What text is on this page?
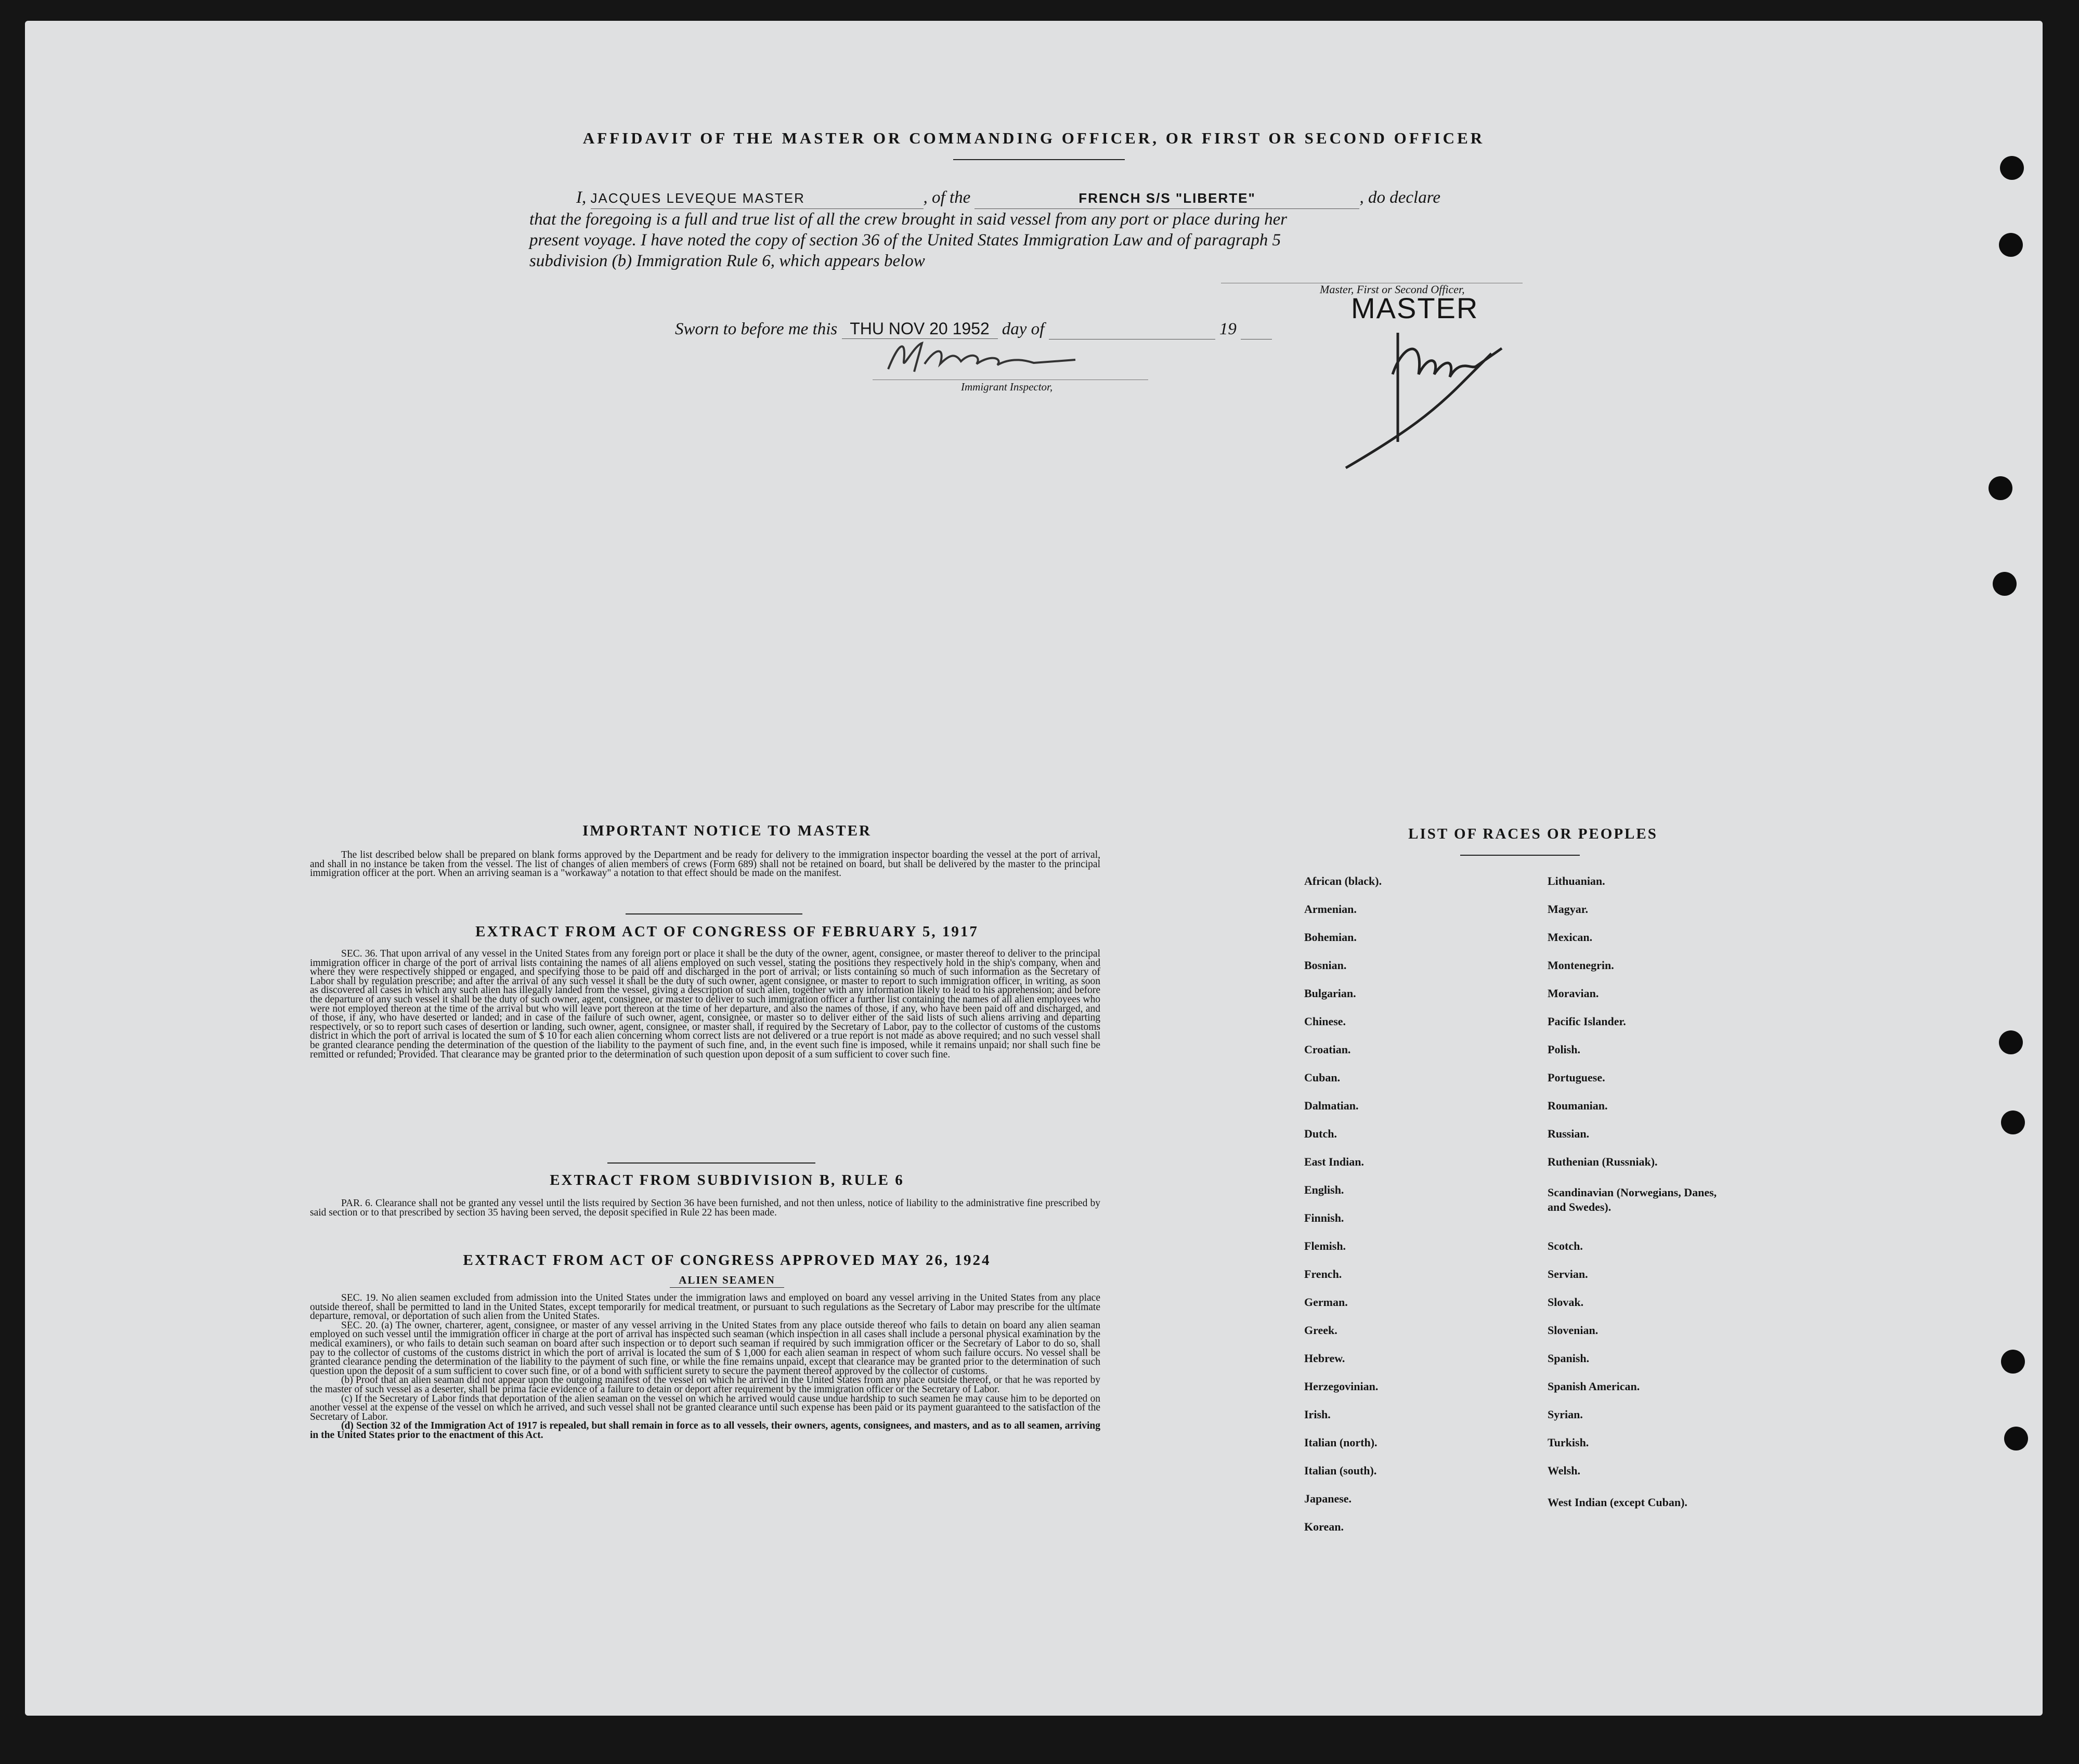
AFFIDAVIT OF THE MASTER OR COMMANDING OFFICER, OR FIRST OR SECOND OFFICER
I, JACQUES LEVEQUE MASTER	, of the	FRENCH S/S "LIBERTE"	, do declare
that the foregoing is a full and true list of all the crew brought in said vessel from any port or place during her
present voyage. I have noted the copy of section 36 of the United States Immigration Law and of paragraph 5
subdivision (b) Immigration Rule 6, which appears below
Master, First or Second Officer,
MASTER
Sworn to before me this THU NOV 20 1952 day of	19
Immigrant Inspector,
IMPORTANT NOTICE TO MASTER

The list described below shall be prepared on blank forms approved by the Department and be ready for delivery to the immigration inspector boarding the vessel at the port of arrival, and shall in no instance be taken from the vessel. The list of changes of alien members of crews (Form 689) shall not be retained on board, but shall be delivered by the master to the principal immigration officer at the port. When an arriving seaman is a "workaway" a notation to that effect should be made on the manifest.

EXTRACT FROM ACT OF CONGRESS OF FEBRUARY 5, 1917

SEC. 36. That upon arrival of any vessel in the United States from any foreign port or place it shall be the duty of the owner, agent, consignee, or master thereof to deliver to the principal immigration officer in charge of the port of arrival lists containing the names of all aliens employed on such vessel, stating the positions they respectively hold in the ship's company, when and where they were respectively shipped or engaged, and specifying those to be paid off and discharged in the port of arrival; or lists containing so much of such information as the Secretary of Labor shall by regulation prescribe; and after the arrival of any such vessel it shall be the duty of such owner, agent consignee, or master to report to such immigration officer, in writing, as soon as discovered all cases in which any such alien has illegally landed from the vessel, giving a description of such alien, together with any information likely to lead to his apprehension; and before the departure of any such vessel it shall be the duty of such owner, agent, consignee, or master to deliver to such immigration officer a further list containing the names of all alien employees who were not employed thereon at the time of the arrival but who will leave port thereon at the time of her departure, and also the names of those, if any, who have been paid off and discharged, and of those, if any, who have deserted or landed; and in case of the failure of such owner, agent, consignee, or master so to deliver either of the said lists of such aliens arriving and departing respectively, or so to report such cases of desertion or landing, such owner, agent, consignee, or master shall, if required by the Secretary of Labor, pay to the collector of customs of the customs district in which the port of arrival is located the sum of $ 10 for each alien concerning whom correct lists are not delivered or a true report is not made as above required; and no such vessel shall be granted clearance pending the determination of the question of the liability to the payment of such fine, and, in the event such fine is imposed, while it remains unpaid; nor shall such fine be remitted or refunded; Provided. That clearance may be granted prior to the determination of such question upon deposit of a sum sufficient to cover such fine.

EXTRACT FROM SUBDIVISION B, RULE 6

PAR. 6. Clearance shall not be granted any vessel until the lists required by Section 36 have been furnished, and not then unless, notice of liability to the administrative fine prescribed by said section or to that prescribed by section 35 having been served, the deposit specified in Rule 22 has been made.

EXTRACT FROM ACT OF CONGRESS APPROVED MAY 26, 1924
ALIEN SEAMEN

SEC. 19. No alien seamen excluded from admission into the United States under the immigration laws and employed on board any vessel arriving in the United States from any place outside thereof, shall be permitted to land in the United States, except temporarily for medical treatment, or pursuant to such regulations as the Secretary of Labor may prescribe for the ultimate departure, removal, or deportation of such alien from the United States.

SEC. 20. (a) The owner, charterer, agent, consignee, or master of any vessel arriving in the United States from any place outside thereof who fails to detain on board any alien seaman employed on such vessel until the immigration officer in charge at the port of arrival has inspected such seaman (which inspection in all cases shall include a personal physical examination by the medical examiners), or who fails to detain such seaman on board after such inspection or to deport such seaman if required by such immigration officer or the Secretary of Labor to do so, shall pay to the collector of customs of the customs district in which the port of arrival is located the sum of $ 1,000 for each alien seaman in respect of whom such failure occurs. No vessel shall be granted clearance pending the determination of the liability to the payment of such fine, or while the fine remains unpaid, except that clearance may be granted prior to the determination of such question upon the deposit of a sum sufficient to cover such fine, or of a bond with sufficient surety to secure the payment thereof approved by the collector of customs.

(b) Proof that an alien seaman did not appear upon the outgoing manifest of the vessel on which he arrived in the United States from any place outside thereof, or that he was reported by the master of such vessel as a deserter, shall be prima facie evidence of a failure to detain or deport after requirement by the immigration officer or the Secretary of Labor.

(c) If the Secretary of Labor finds that deportation of the alien seaman on the vessel on which he arrived would cause undue hardship to such seamen he may cause him to be deported on another vessel at the expense of the vessel on which he arrived, and such vessel shall not be granted clearance until such expense has been paid or its payment guaranteed to the satisfaction of the Secretary of Labor.

(d) Section 32 of the Immigration Act of 1917 is repealed, but shall remain in force as to all vessels, their owners, agents, consignees, and masters, and as to all seamen, arriving in the United States prior to the enactment of this Act.

LIST OF RACES OR PEOPLES
African (black).
Armenian.
Bohemian.
Bosnian.
Bulgarian.
Chinese.
Croatian.
Cuban.
Dalmatian.
Dutch.
East Indian.
English.
Finnish.
Flemish.
French.
German.
Greek.
Hebrew.
Herzegovinian.
Irish.
Italian (north).
Italian (south).
Japanese.
Korean.
Lithuanian.
Magyar.
Mexican.
Montenegrin.
Moravian.
Pacific Islander.
Polish.
Portuguese.
Roumanian.
Russian.
Ruthenian (Russniak).
Scandinavian (Norwegians, Danes, and Swedes).
Scotch.
Servian.
Slovak.
Slovenian.
Spanish.
Spanish American.
Syrian.
Turkish.
Welsh.
West Indian (except Cuban).
